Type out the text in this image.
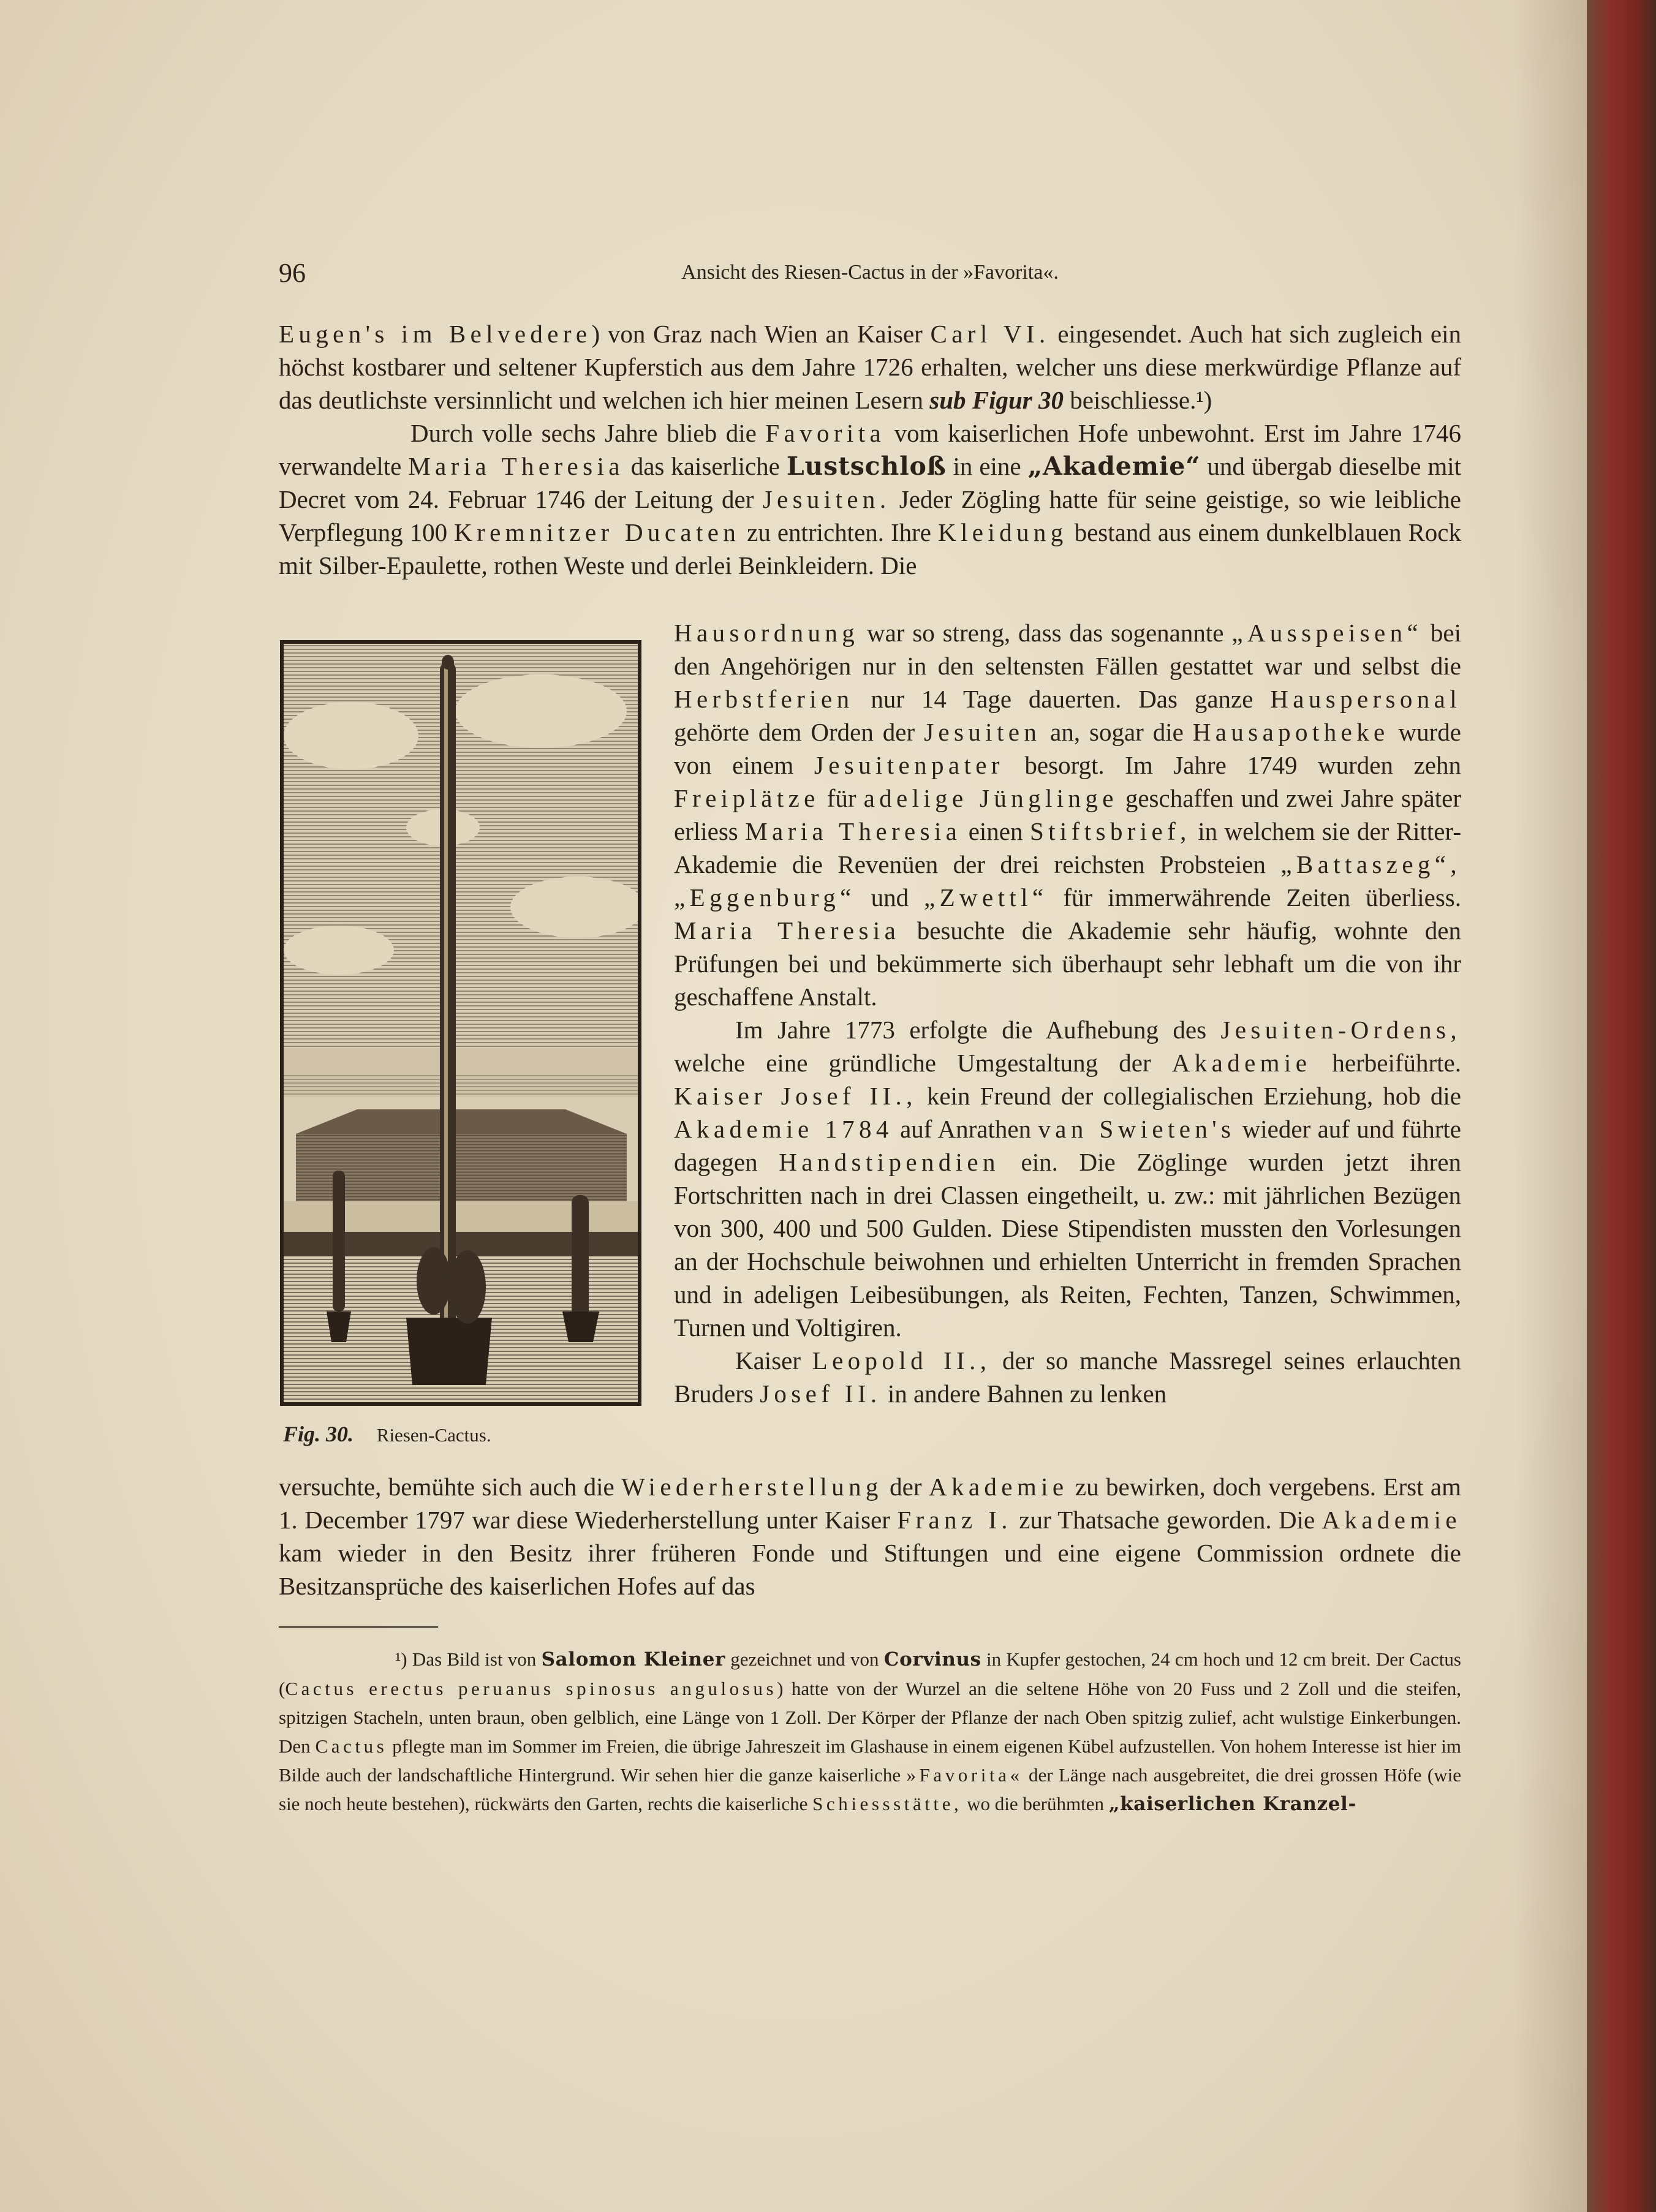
96	Ansicht des Riesen-Cactus in der »Favorita«.

Eugen's im Belvedere) von Graz nach Wien an Kaiser Carl VI. eingesendet. Auch hat sich zugleich ein höchst kostbarer und seltener Kupferstich aus dem Jahre 1726 erhalten, welcher uns diese merkwürdige Pflanze auf das deutlichste versinnlicht und welchen ich hier meinen Lesern sub Figur 30 beischliesse.¹)

Durch volle sechs Jahre blieb die Favorita vom kaiserlichen Hofe unbewohnt. Erst im Jahre 1746 verwandelte Maria Theresia das kaiserliche Lustschloß in eine „Akademie“ und übergab dieselbe mit Decret vom 24. Februar 1746 der Leitung der Jesuiten. Jeder Zögling hatte für seine geistige, so wie leibliche Verpflegung 100 Kremnitzer Ducaten zu entrichten. Ihre Kleidung bestand aus einem dunkelblauen Rock mit Silber-Epaulette, rothen Weste und derlei Beinkleidern. Die

Fig. 30. Riesen-Cactus.

Hausordnung war so streng, dass das sogenannte „Ausspeisen“ bei den Angehörigen nur in den seltensten Fällen gestattet war und selbst die Herbstferien nur 14 Tage dauerten. Das ganze Hauspersonal gehörte dem Orden der Jesuiten an, sogar die Hausapotheke wurde von einem Jesuitenpater besorgt. Im Jahre 1749 wurden zehn Freiplätze für adelige Jünglinge geschaffen und zwei Jahre später erliess Maria Theresia einen Stiftsbrief, in welchem sie der Ritter-Akademie die Revenüen der drei reichsten Probsteien „Battaszeg“, „Eggenburg“ und „Zwettl“ für immerwährende Zeiten überliess. Maria Theresia besuchte die Akademie sehr häufig, wohnte den Prüfungen bei und bekümmerte sich überhaupt sehr lebhaft um die von ihr geschaffene Anstalt.

Im Jahre 1773 erfolgte die Aufhebung des Jesuiten-Ordens, welche eine gründliche Umgestaltung der Akademie herbeiführte. Kaiser Josef II., kein Freund der collegialischen Erziehung, hob die Akademie 1784 auf Anrathen van Swieten's wieder auf und führte dagegen Handstipendien ein. Die Zöglinge wurden jetzt ihren Fortschritten nach in drei Classen eingetheilt, u. zw.: mit jährlichen Bezügen von 300, 400 und 500 Gulden. Diese Stipendisten mussten den Vorlesungen an der Hochschule beiwohnen und erhielten Unterricht in fremden Sprachen und in adeligen Leibesübungen, als Reiten, Fechten, Tanzen, Schwimmen, Turnen und Voltigiren.

Kaiser Leopold II., der so manche Massregel seines erlauchten Bruders Josef II. in andere Bahnen zu lenken

versuchte, bemühte sich auch die Wiederherstellung der Akademie zu bewirken, doch vergebens. Erst am 1. December 1797 war diese Wiederherstellung unter Kaiser Franz I. zur Thatsache geworden. Die Akademie kam wieder in den Besitz ihrer früheren Fonde und Stiftungen und eine eigene Commission ordnete die Besitzansprüche des kaiserlichen Hofes auf das

¹) Das Bild ist von Salomon Kleiner gezeichnet und von Corvinus in Kupfer gestochen, 24 cm hoch und 12 cm breit. Der Cactus (Cactus erectus peruanus spinosus angulosus) hatte von der Wurzel an die seltene Höhe von 20 Fuss und 2 Zoll und die steifen, spitzigen Stacheln, unten braun, oben gelblich, eine Länge von 1 Zoll. Der Körper der Pflanze der nach Oben spitzig zulief, acht wulstige Einkerbungen. Den Cactus pflegte man im Sommer im Freien, die übrige Jahreszeit im Glashause in einem eigenen Kübel aufzustellen. Von hohem Interesse ist hier im Bilde auch der landschaftliche Hintergrund. Wir sehen hier die ganze kaiserliche »Favorita« der Länge nach ausgebreitet, die drei grossen Höfe (wie sie noch heute bestehen), rückwärts den Garten, rechts die kaiserliche Schiessstätte, wo die berühmten „kaiserlichen Kranzel-
